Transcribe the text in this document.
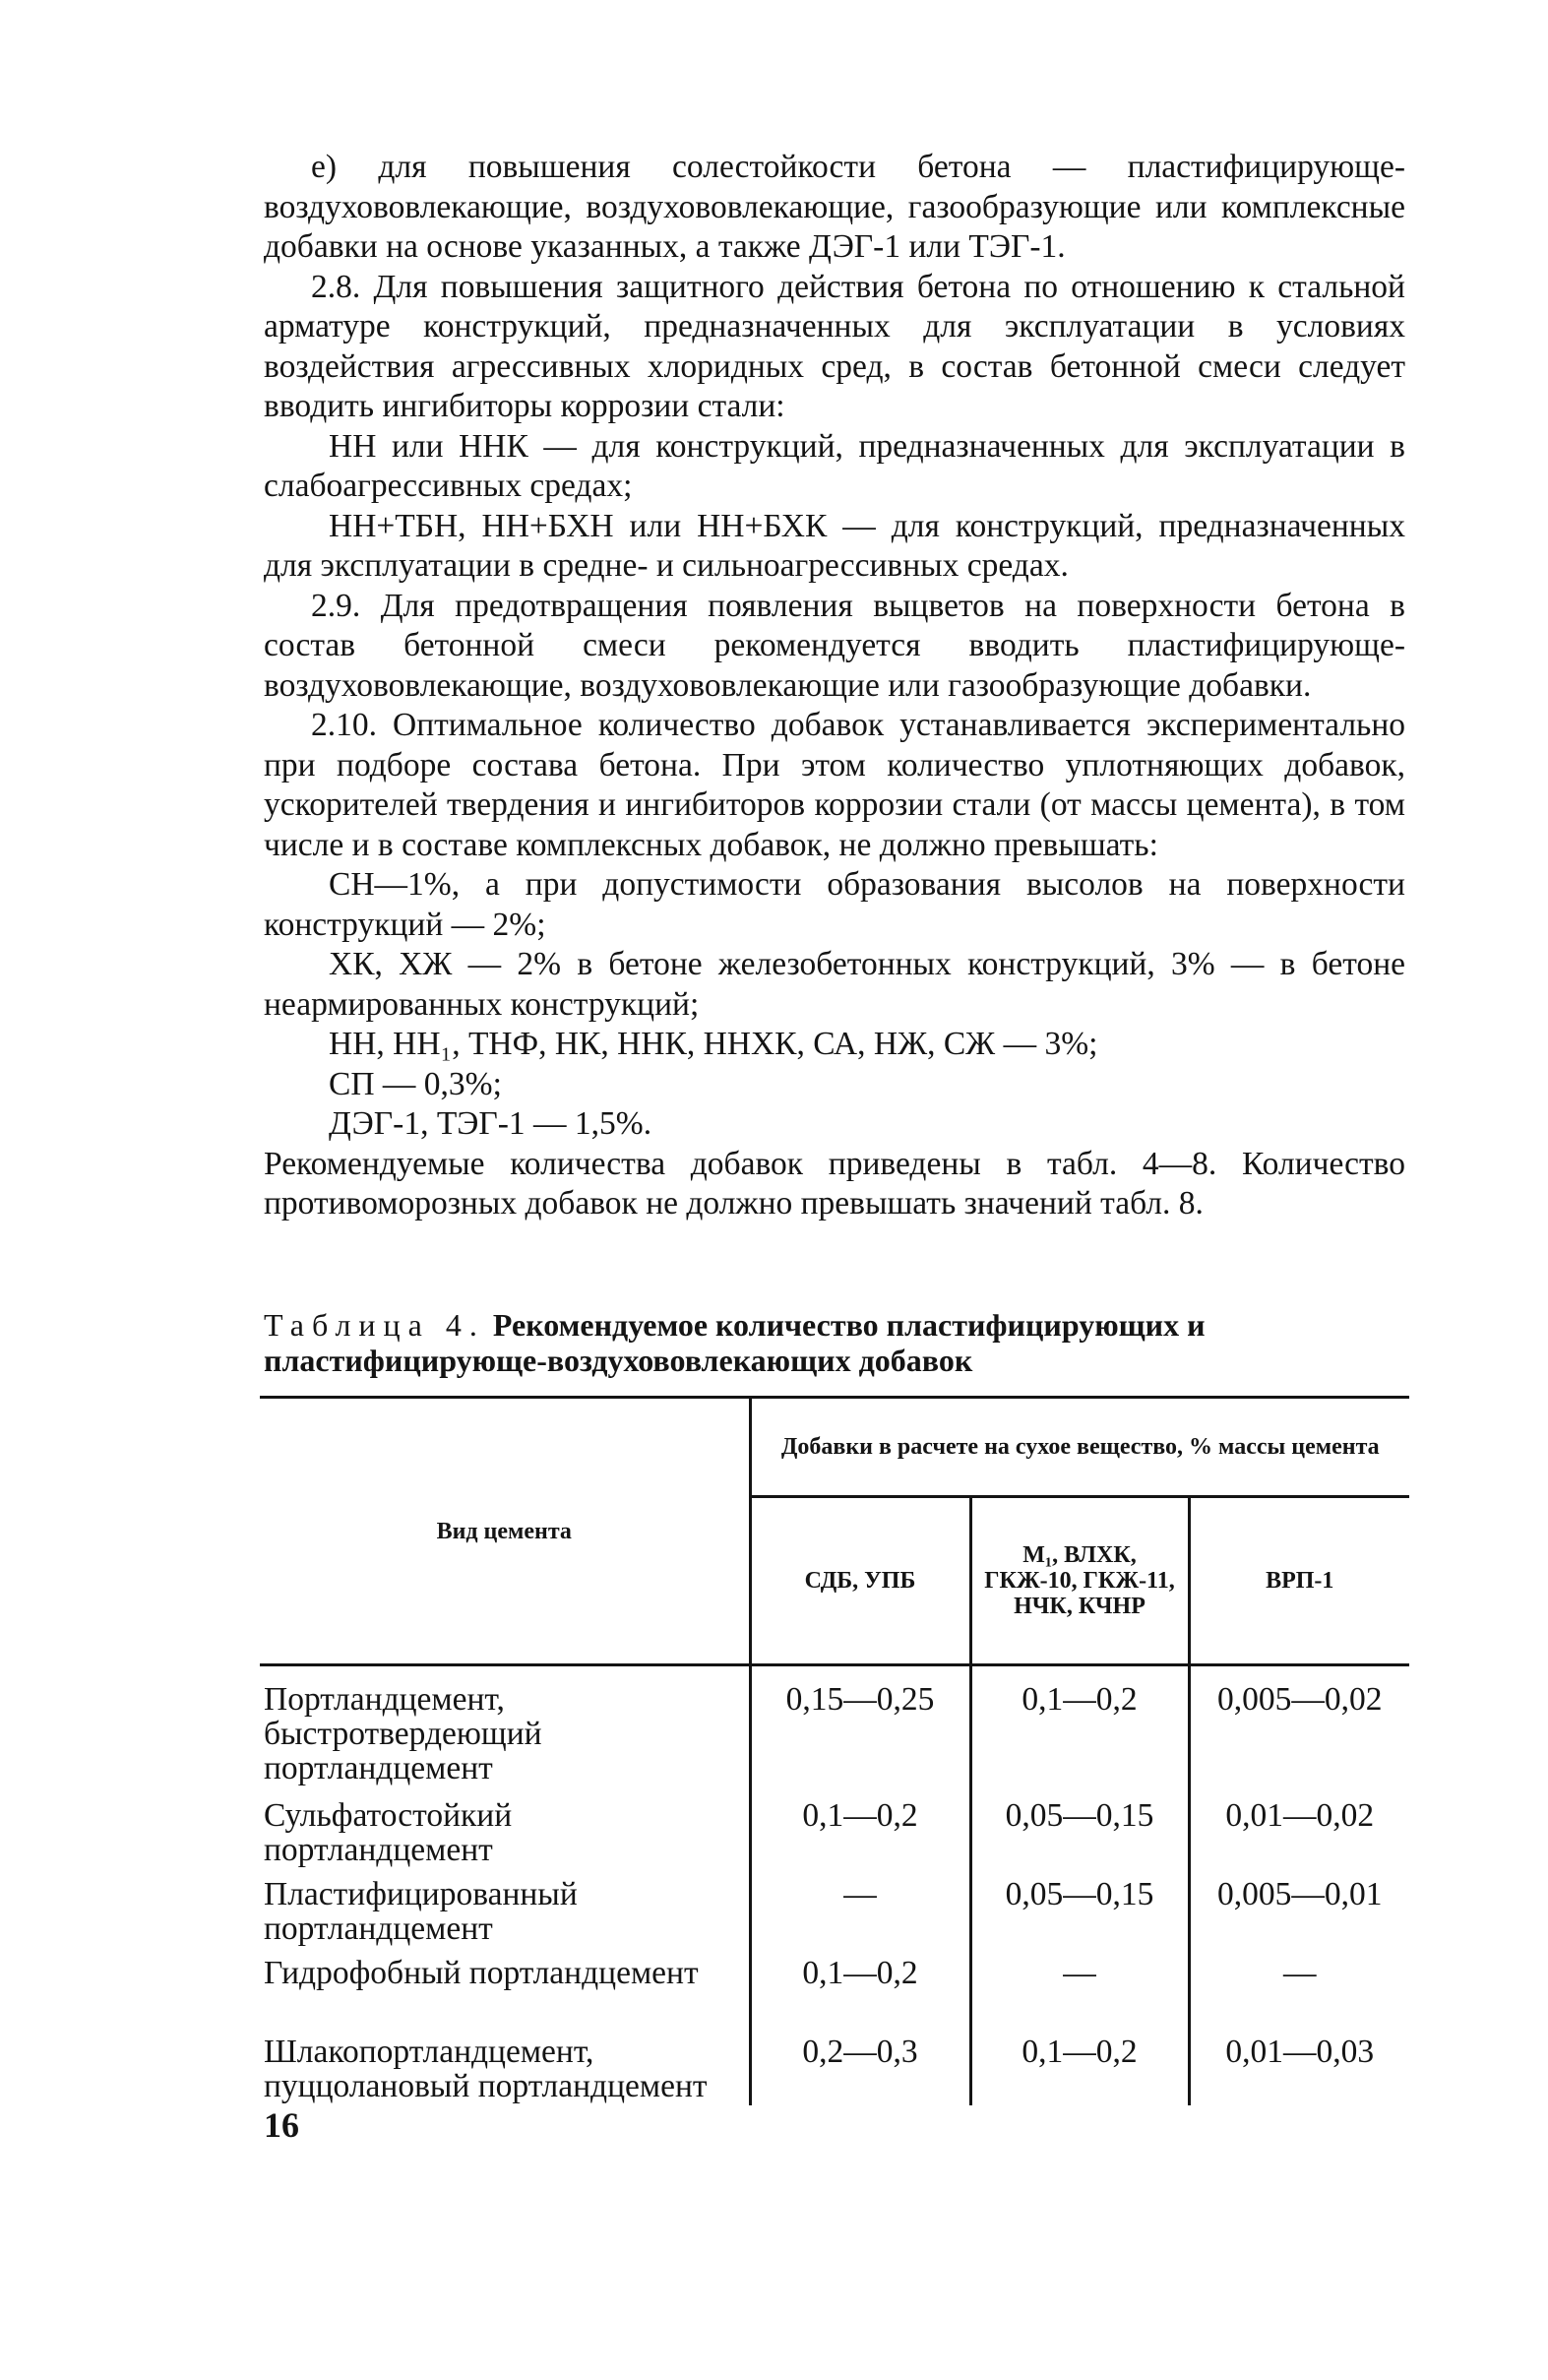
е) для повышения солестойкости бетона — пластифицирующе-воздухововлекающие, воздухововлекающие, газообразующие или комплексные добавки на основе указанных, а также ДЭГ-1 или ТЭГ-1.

2.8. Для повышения защитного действия бетона по отношению к стальной арматуре конструкций, предназначенных для эксплуатации в условиях воздействия агрессивных хлоридных сред, в состав бетонной смеси следует вводить ингибиторы коррозии стали:

НН или ННК — для конструкций, предназначенных для эксплуатации в слабоагрессивных средах;

НН+ТБН, НН+БХН или НН+БХК — для конструкций, предназначенных для эксплуатации в средне- и сильноагрессивных средах.

2.9. Для предотвращения появления выцветов на поверхности бетона в состав бетонной смеси рекомендуется вводить пластифицирующе-воздухововлекающие, воздухововлекающие или газообразующие добавки.

2.10. Оптимальное количество добавок устанавливается экспериментально при подборе состава бетона. При этом количество уплотняющих добавок, ускорителей твердения и ингибиторов коррозии стали (от массы цемента), в том числе и в составе комплексных добавок, не должно превышать:

СН—1%, а при допустимости образования высолов на поверхности конструкций — 2%;

ХК, ХЖ — 2% в бетоне железобетонных конструкций, 3% — в бетоне неармированных конструкций;

НН, НН₁, ТНФ, НК, ННК, ННХК, СА, НЖ, СЖ — 3%;

СП — 0,3%;

ДЭГ-1, ТЭГ-1 — 1,5%.

Рекомендуемые количества добавок приведены в табл. 4—8. Количество противоморозных добавок не должно превышать значений табл. 8.

Таблица 4. Рекомендуемое количество пластифицирующих и пластифицирующе-воздухововлекающих добавок
Вид цемента	Добавки в расчете на сухое вещество, % массы цемента		
	СДБ, УПБ	М₁, ВЛХК, ГКЖ-10, ГКЖ-11, НЧК, КЧНР	ВРП-1
Портландцемент, быстротвердеющий портландцемент	0,15—0,25	0,1—0,2	0,005—0,02
Сульфатостойкий портландцемент	0,1—0,2	0,05—0,15	0,01—0,02
Пластифицированный портландцемент	—	0,05—0,15	0,005—0,01
Гидрофобный портландцемент	0,1—0,2	—	—
Шлакопортландцемент, пуццолановый портландцемент	0,2—0,3	0,1—0,2	0,01—0,03
16
